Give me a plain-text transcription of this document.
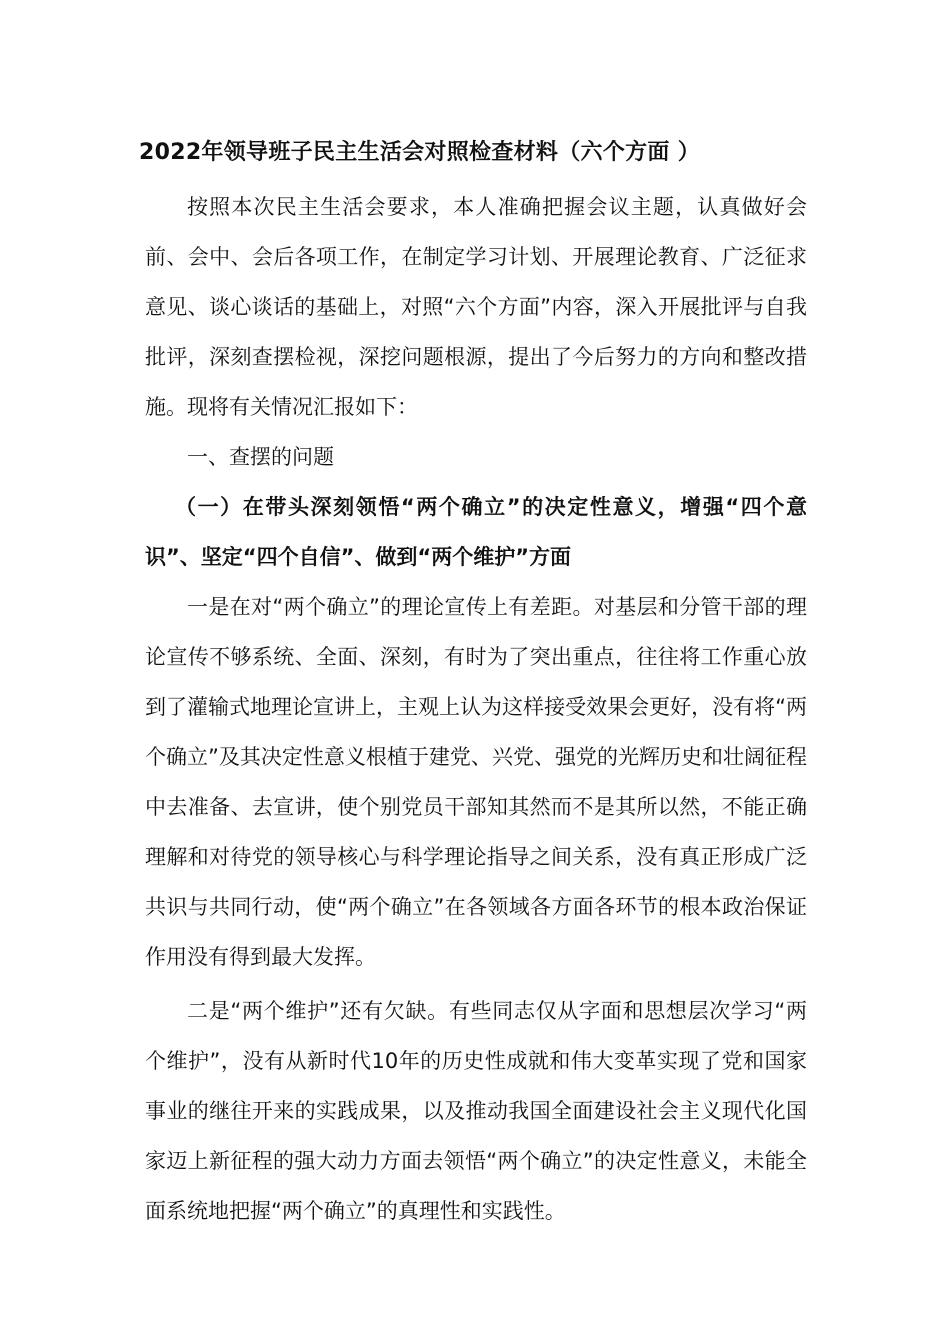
2022年领导班子民主生活会对照检查材料（六个方面 ）

按照本次民主生活会要求，本人准确把握会议主题，认真做好会前、会中、会后各项工作，在制定学习计划、开展理论教育、广泛征求意见、谈心谈话的基础上，对照“六个方面”内容，深入开展批评与自我批评，深刻查摆检视，深挖问题根源，提出了今后努力的方向和整改措施。现将有关情况汇报如下：

一、查摆的问题

（一）在带头深刻领悟“两个确立”的决定性意义，增强“四个意识”、坚定“四个自信”、做到“两个维护”方面

一是在对“两个确立”的理论宣传上有差距。对基层和分管干部的理论宣传不够系统、全面、深刻，有时为了突出重点，往往将工作重心放到了灌输式地理论宣讲上，主观上认为这样接受效果会更好，没有将“两个确立”及其决定性意义根植于建党、兴党、强党的光辉历史和壮阔征程中去准备、去宣讲，使个别党员干部知其然而不是其所以然，不能正确理解和对待党的领导核心与科学理论指导之间关系，没有真正形成广泛共识与共同行动，使“两个确立”在各领域各方面各环节的根本政治保证作用没有得到最大发挥。

二是“两个维护”还有欠缺。有些同志仅从字面和思想层次学习“两个维护”，没有从新时代10年的历史性成就和伟大变革实现了党和国家事业的继往开来的实践成果，以及推动我国全面建设社会主义现代化国家迈上新征程的强大动力方面去领悟“两个确立”的决定性意义，未能全面系统地把握“两个确立”的真理性和实践性。
